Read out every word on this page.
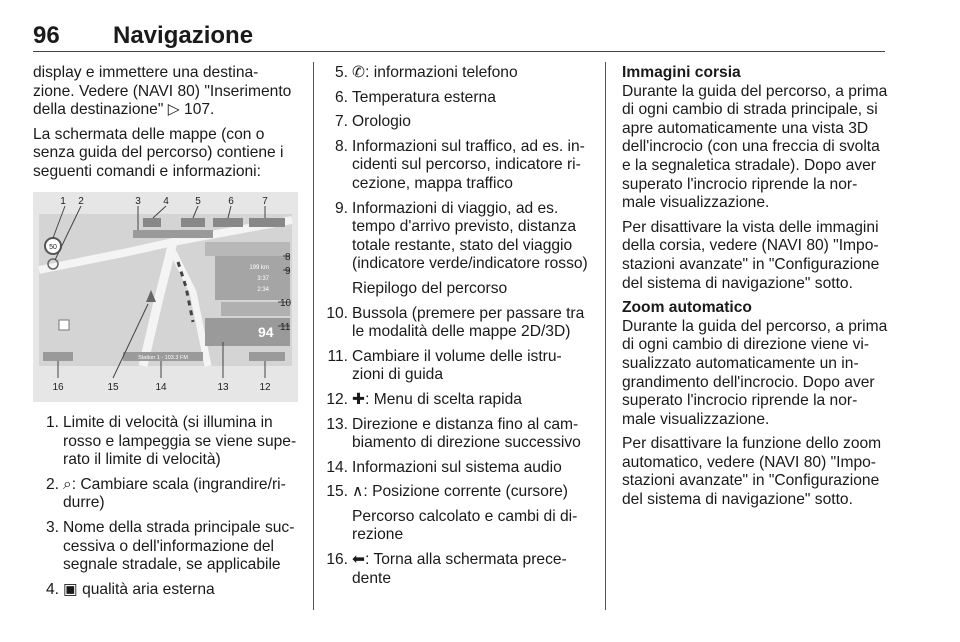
96 Navigazione

display e immettere una destina- zione. Vedere (NAVI 80) "Inserimento della destinazione" ▷ 107.

La schermata delle mappe (con o senza guida del percorso) contiene i seguenti comandi e informazioni:

50
199 km
3:37
2:34
94
Station 1 - 103.3 FM
1 2	3 4	5	6	7
8
9
10
11
16	15	14	13	12
1. Limite di velocità (si illumina in rosso e lampeggia se viene supe- rato il limite di velocità)
2. ⌕: Cambiare scala (ingrandire/ri- durre)
3. Nome della strada principale suc- cessiva o dell'informazione del segnale stradale, se applicabile
4. ▣ qualità aria esterna
5. ✆: informazioni telefono
6. Temperatura esterna
7. Orologio
8. Informazioni sul traffico, ad es. in- cidenti sul percorso, indicatore ri- cezione, mappa traffico
9. Informazioni di viaggio, ad es. tempo d'arrivo previsto, distanza totale restante, stato del viaggio (indicatore verde/indicatore rosso)
Riepilogo del percorso
10. Bussola (premere per passare tra le modalità delle mappe 2D/3D)
11. Cambiare il volume delle istru- zioni di guida
12. ✚: Menu di scelta rapida
13. Direzione e distanza fino al cam- biamento di direzione successivo
14. Informazioni sul sistema audio
15. ∧: Posizione corrente (cursore)
Percorso calcolato e cambi di di- rezione
16. ⬅: Torna alla schermata prece- dente
Immagini corsia

Durante la guida del percorso, a prima di ogni cambio di strada principale, si apre automaticamente una vista 3D dell'incrocio (con una freccia di svolta e la segnaletica stradale). Dopo aver superato l'incrocio riprende la nor- male visualizzazione.

Per disattivare la vista delle immagini della corsia, vedere (NAVI 80) "Impo- stazioni avanzate" in "Configurazione del sistema di navigazione" sotto.

Zoom automatico

Durante la guida del percorso, a prima di ogni cambio di direzione viene vi- sualizzato automaticamente un in- grandimento dell'incrocio. Dopo aver superato l'incrocio riprende la nor- male visualizzazione.

Per disattivare la funzione dello zoom automatico, vedere (NAVI 80) "Impo- stazioni avanzate" in "Configurazione del sistema di navigazione" sotto.
